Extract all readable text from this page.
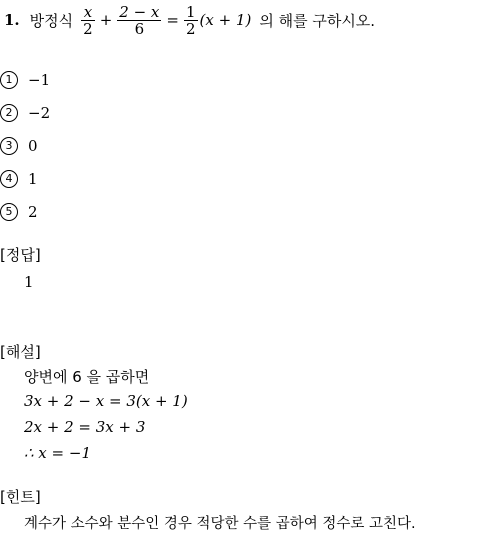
1. 방정식 $\frac{x}{2} + \frac{2 - x}{6} = \frac{1}{2} (x + 1)$ 의 해를 구하시오.
1	−1
2	−2
3	0
4	1
5	2
[정답]
1
[해설]
양변에 6 을 곱하면
3x + 2 − x = 3(x + 1)
2x + 2 = 3x + 3
∴ x = −1
[힌트]
계수가 소수와 분수인 경우 적당한 수를 곱하여 정수로 고친다.
